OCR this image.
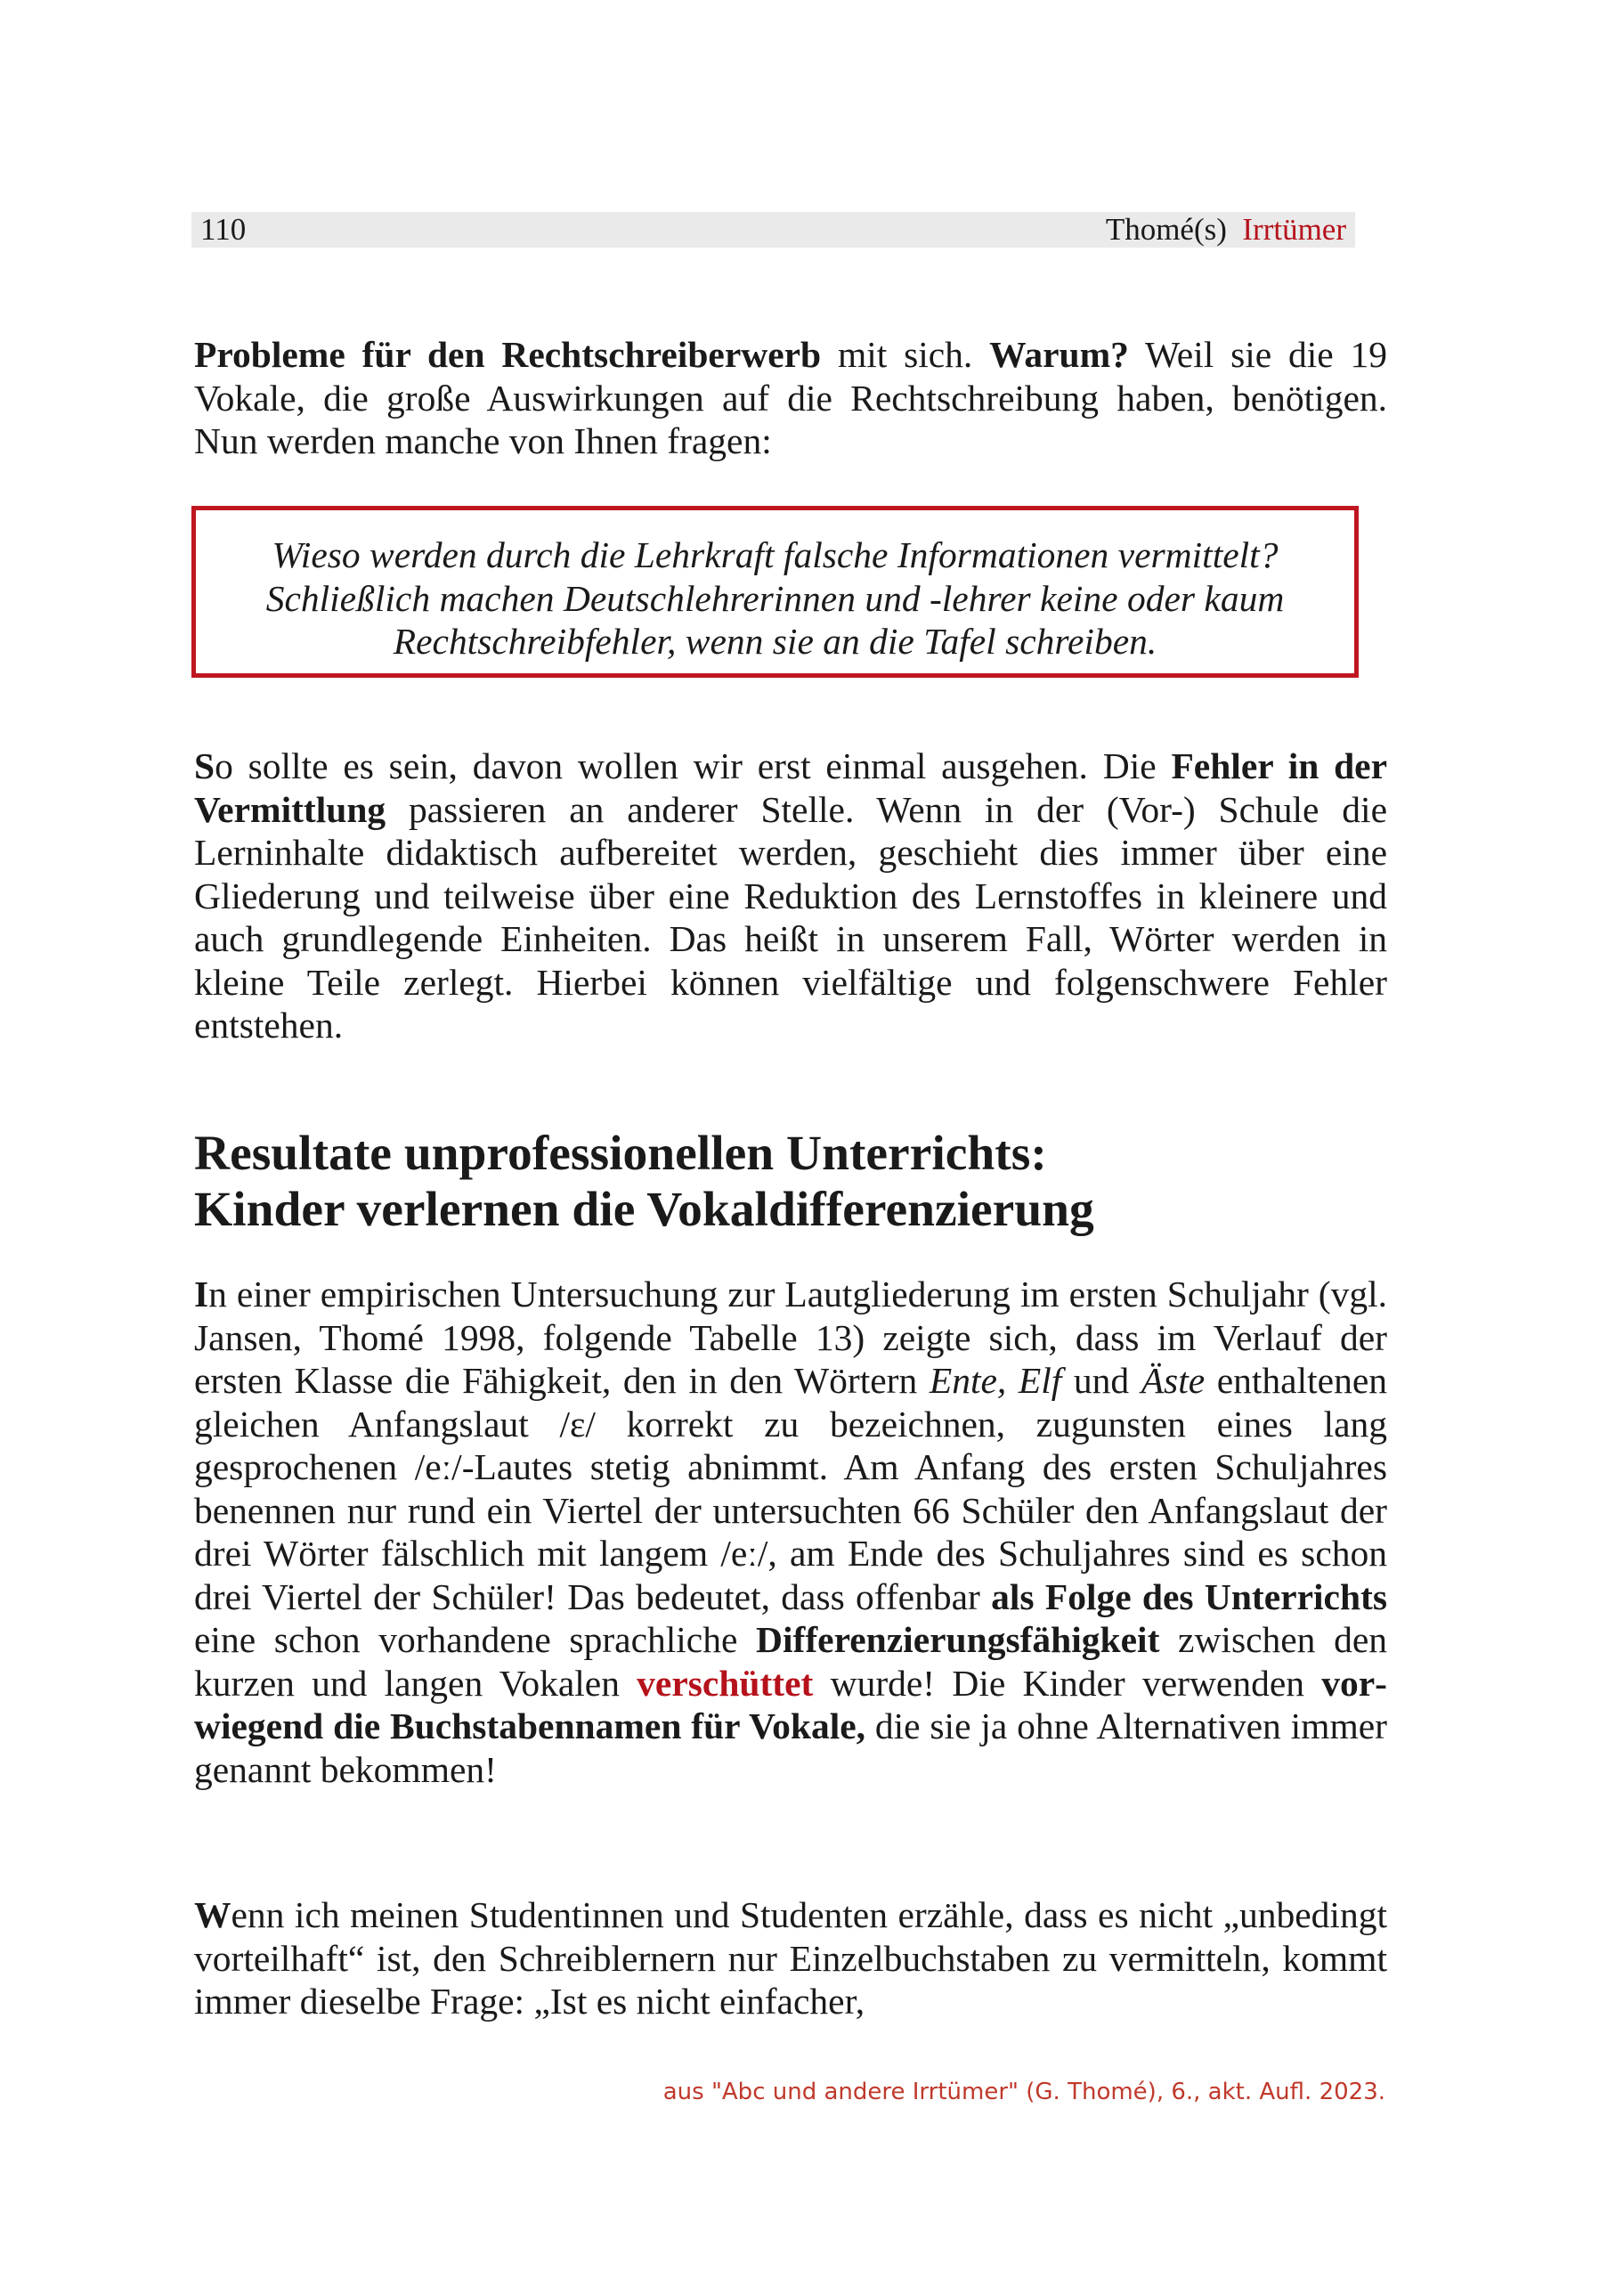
110	Thomé(s) Irrtümer

Probleme für den Rechtschreiberwerb mit sich. Warum? Weil sie die 19 Vokale, die große Auswirkungen auf die Rechtschreibung haben, benötigen. Nun werden manche von Ihnen fragen:

Wieso werden durch die Lehrkraft falsche Informationen vermittelt?
Schließlich machen Deutschlehrerinnen und -lehrer keine oder kaum
Rechtschreibfehler, wenn sie an die Tafel schreiben.

So sollte es sein, davon wollen wir erst einmal ausgehen. Die Fehler in der Vermittlung passieren an anderer Stelle. Wenn in der (Vor-) Schule die Lerninhalte didaktisch aufbereitet werden, geschieht dies immer über eine Gliederung und teilweise über eine Reduktion des Lernstoffes in kleinere und auch grundlegende Einheiten. Das heißt in unserem Fall, Wörter werden in kleine Teile zerlegt. Hierbei können vielfältige und folgenschwere Fehler entstehen.

Resultate unprofessionellen Unterrichts:
Kinder verlernen die Vokaldifferenzierung

In einer empirischen Untersuchung zur Lautgliederung im ersten Schuljahr (vgl. Jansen, Thomé 1998, folgende Tabelle 13) zeigte sich, dass im Verlauf der ersten Klasse die Fähigkeit, den in den Wörtern Ente, Elf und Äste enthaltenen gleichen Anfangslaut /ɛ/ korrekt zu bezeichnen, zugunsten eines lang gesprochenen /eː/-Lautes stetig abnimmt. Am Anfang des ersten Schuljahres benennen nur rund ein Viertel der untersuchten 66 Schüler den Anfangslaut der drei Wörter fälschlich mit langem /eː/, am Ende des Schuljahres sind es schon drei Viertel der Schüler! Das bedeutet, dass offenbar als Folge des Unterrichts eine schon vorhandene sprachliche Differenzierungsfähigkeit zwischen den kurzen und langen Vokalen verschüttet wurde! Die Kinder verwenden vorwiegend die Buchstabennamen für Vokale, die sie ja ohne Alternativen immer genannt bekommen!

Wenn ich meinen Studentinnen und Studenten erzähle, dass es nicht „unbedingt vorteilhaft“ ist, den Schreiblernern nur Einzelbuchstaben zu vermitteln, kommt immer dieselbe Frage: „Ist es nicht einfacher,

aus "Abc und andere Irrtümer" (G. Thomé), 6., akt. Aufl. 2023.
